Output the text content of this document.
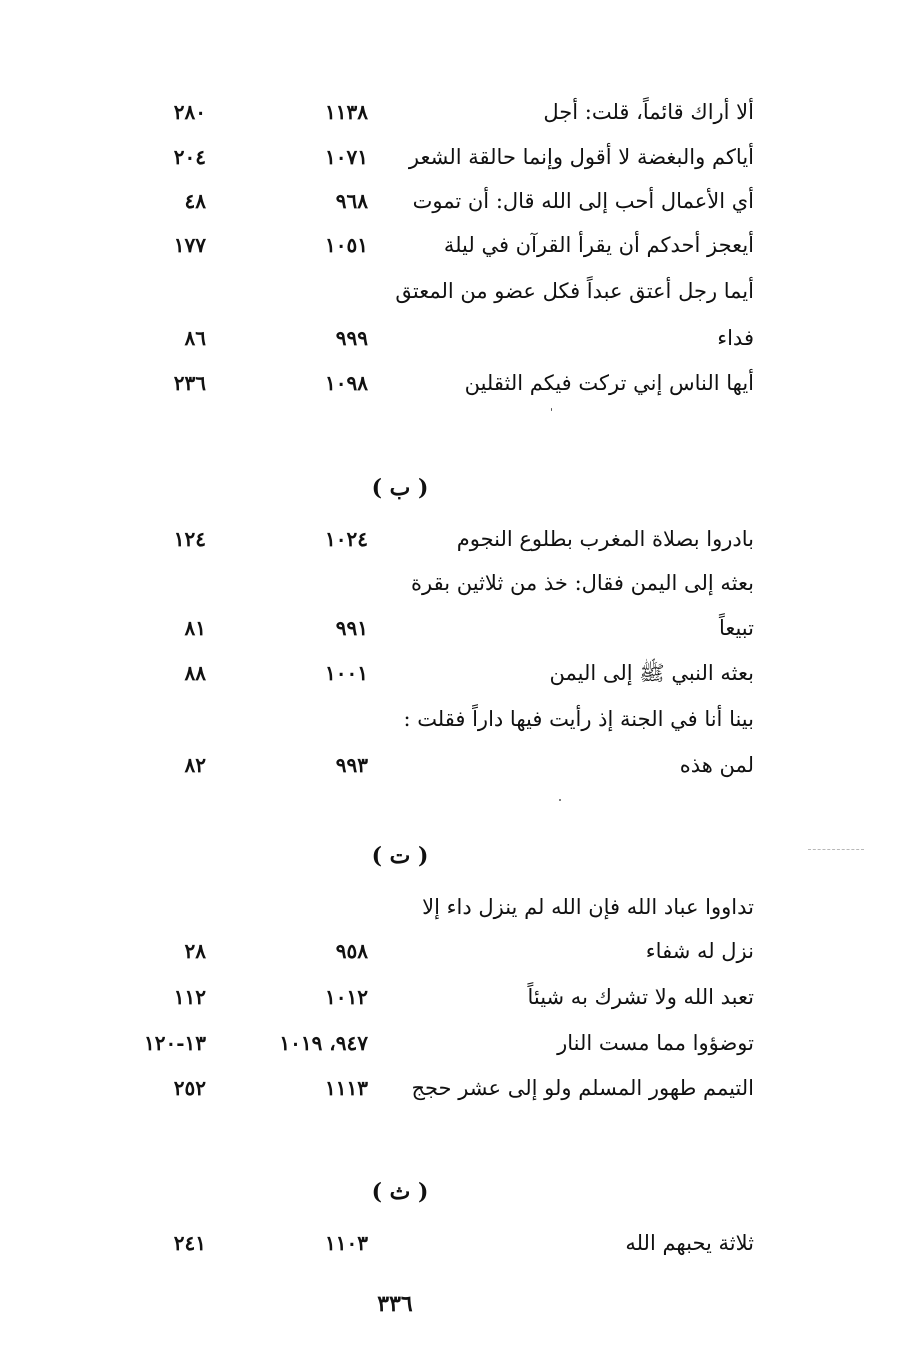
ألا أراك قائماً، قلت: أجل
١١٣٨
٢٨٠
أياكم والبغضة لا أقول وإنما حالقة الشعر
١٠٧١
٢٠٤
أي الأعمال أحب إلى الله قال: أن تموت
٩٦٨
٤٨
أيعجز أحدكم أن يقرأ القرآن في ليلة
١٠٥١
١٧٧
أيما رجل أعتق عبداً فكل عضو من المعتق
فداء
٩٩٩
٨٦
أيها الناس إني تركت فيكم الثقلين
١٠٩٨
٢٣٦
( ب )
بادروا بصلاة المغرب بطلوع النجوم
١٠٢٤
١٢٤
بعثه إلى اليمن فقال: خذ من ثلاثين بقرة
تبيعاً
٩٩١
٨١
بعثه النبي ﷺ إلى اليمن
١٠٠١
٨٨
بينا أنا في الجنة إذ رأيت فيها داراً فقلت :
لمن هذه
٩٩٣
٨٢
( ت )
تداووا عباد الله فإن الله لم ينزل داء إلا
نزل له شفاء
٩٥٨
٢٨
تعبد الله ولا تشرك به شيئاً
١٠١٢
١١٢
توضؤوا مما مست النار
٩٤٧، ١٠١٩
١٣-١٢٠
التيمم طهور المسلم ولو إلى عشر حجج
١١١٣
٢٥٢
( ث )
ثلاثة يحبهم الله
١١٠٣
٢٤١
٣٣٦
